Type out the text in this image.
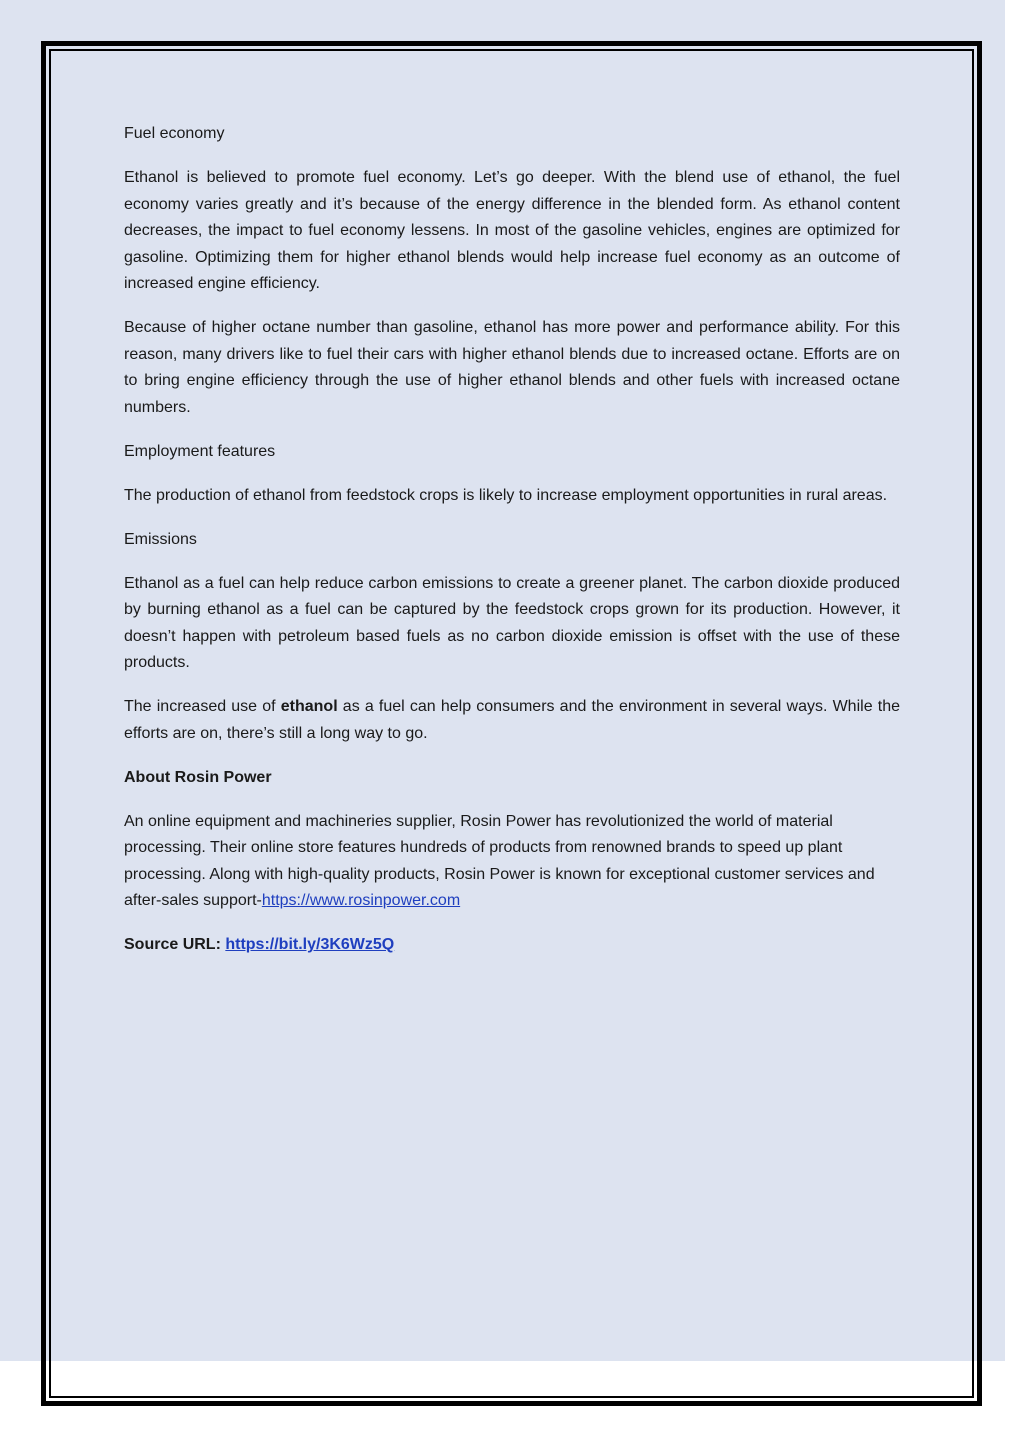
Fuel economy

Ethanol is believed to promote fuel economy. Let’s go deeper. With the blend use of ethanol, the fuel economy varies greatly and it’s because of the energy difference in the blended form. As ethanol content decreases, the impact to fuel economy lessens. In most of the gasoline vehicles, engines are optimized for gasoline. Optimizing them for higher ethanol blends would help increase fuel economy as an outcome of increased engine efficiency.

Because of higher octane number than gasoline, ethanol has more power and performance ability. For this reason, many drivers like to fuel their cars with higher ethanol blends due to increased octane. Efforts are on to bring engine efficiency through the use of higher ethanol blends and other fuels with increased octane numbers.

Employment features

The production of ethanol from feedstock crops is likely to increase employment opportunities in rural areas.

Emissions

Ethanol as a fuel can help reduce carbon emissions to create a greener planet. The carbon dioxide produced by burning ethanol as a fuel can be captured by the feedstock crops grown for its production. However, it doesn’t happen with petroleum based fuels as no carbon dioxide emission is offset with the use of these products.

The increased use of ethanol as a fuel can help consumers and the environment in several ways. While the efforts are on, there’s still a long way to go.

About Rosin Power

An online equipment and machineries supplier, Rosin Power has revolutionized the world of material processing. Their online store features hundreds of products from renowned brands to speed up plant processing. Along with high-quality products, Rosin Power is known for exceptional customer services and after-sales support-https://www.rosinpower.com

Source URL: https://bit.ly/3K6Wz5Q
